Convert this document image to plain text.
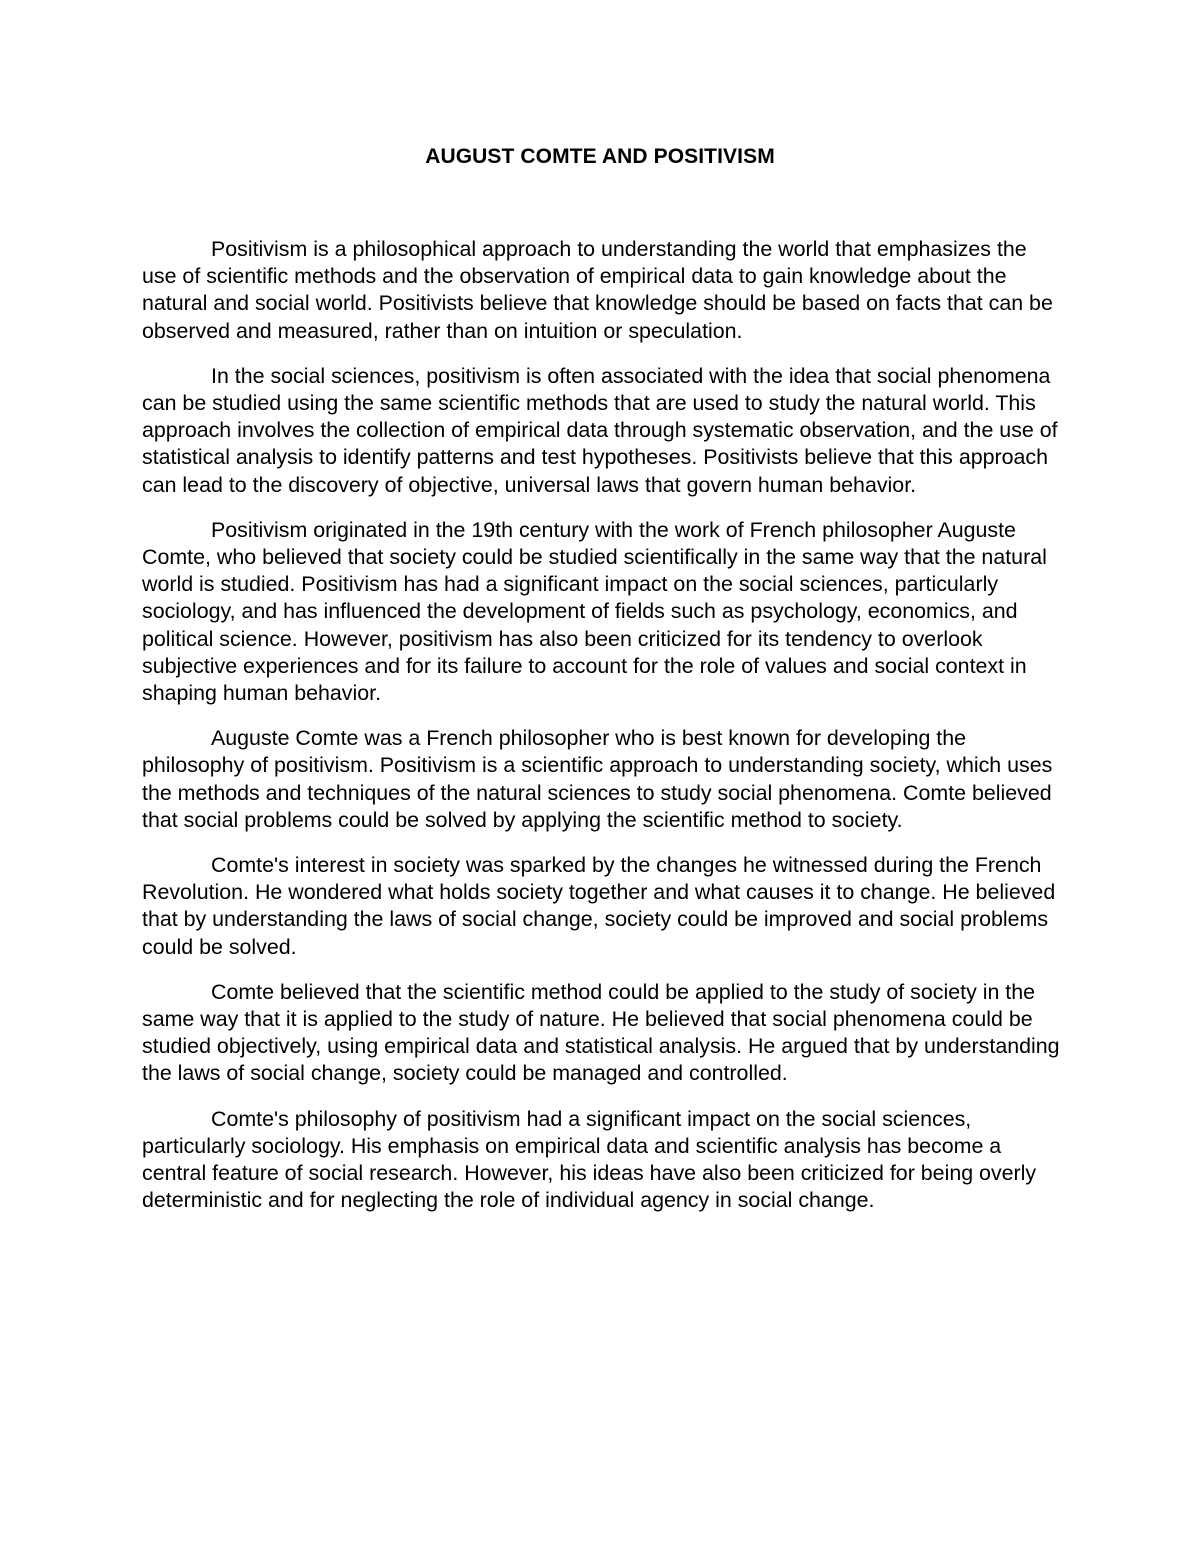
AUGUST COMTE AND POSITIVISM

Positivism is a philosophical approach to understanding the world that emphasizes the use of scientific methods and the observation of empirical data to gain knowledge about the natural and social world. Positivists believe that knowledge should be based on facts that can be observed and measured, rather than on intuition or speculation.

In the social sciences, positivism is often associated with the idea that social phenomena can be studied using the same scientific methods that are used to study the natural world. This approach involves the collection of empirical data through systematic observation, and the use of statistical analysis to identify patterns and test hypotheses. Positivists believe that this approach can lead to the discovery of objective, universal laws that govern human behavior.

Positivism originated in the 19th century with the work of French philosopher Auguste Comte, who believed that society could be studied scientifically in the same way that the natural world is studied. Positivism has had a significant impact on the social sciences, particularly sociology, and has influenced the development of fields such as psychology, economics, and political science. However, positivism has also been criticized for its tendency to overlook subjective experiences and for its failure to account for the role of values and social context in shaping human behavior.

Auguste Comte was a French philosopher who is best known for developing the philosophy of positivism. Positivism is a scientific approach to understanding society, which uses the methods and techniques of the natural sciences to study social phenomena. Comte believed that social problems could be solved by applying the scientific method to society.

Comte's interest in society was sparked by the changes he witnessed during the French Revolution. He wondered what holds society together and what causes it to change. He believed that by understanding the laws of social change, society could be improved and social problems could be solved.

Comte believed that the scientific method could be applied to the study of society in the same way that it is applied to the study of nature. He believed that social phenomena could be studied objectively, using empirical data and statistical analysis. He argued that by understanding the laws of social change, society could be managed and controlled.

Comte's philosophy of positivism had a significant impact on the social sciences, particularly sociology. His emphasis on empirical data and scientific analysis has become a central feature of social research. However, his ideas have also been criticized for being overly deterministic and for neglecting the role of individual agency in social change.
